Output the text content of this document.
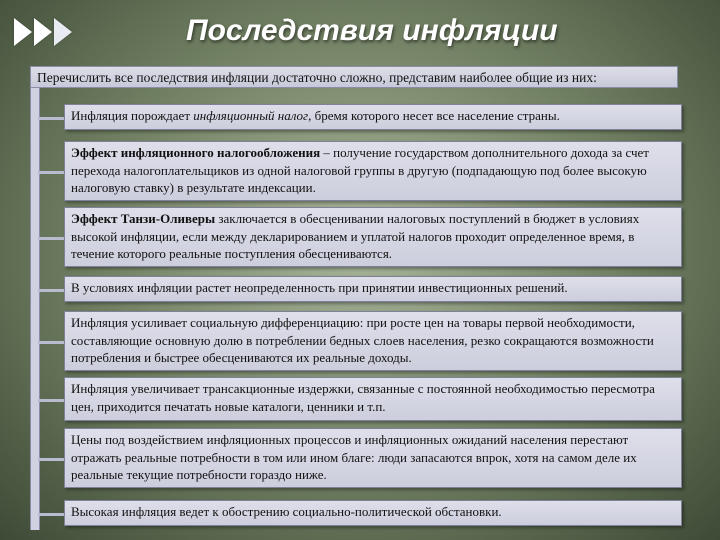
Последствия инфляции
Перечислить все последствия инфляции достаточно сложно, представим наиболее общие из них:
Инфляция порождает инфляционный налог, бремя которого несет все население страны.
Эффект инфляционного налогообложения – получение государством дополнительного дохода за счет перехода налогоплательщиков из одной налоговой группы в другую (подпадающую под более высокую налоговую ставку) в результате индексации.
Эффект Танзи-Оливеры заключается в обесценивании налоговых поступлений в бюджет в условиях высокой инфляции, если между декларированием и уплатой налогов проходит определенное время, в течение которого реальные поступления обесцениваются.
В условиях инфляции растет неопределенность при принятии инвестиционных решений.
Инфляция усиливает социальную дифференциацию: при росте цен на товары первой необходимости, составляющие основную долю в потреблении бедных слоев населения, резко сокращаются возможности потребления и быстрее обесцениваются их реальные доходы.
Инфляция увеличивает трансакционные издержки, связанные с постоянной необходимостью пересмотра цен, приходится печатать новые каталоги, ценники и т.п.
Цены под воздействием инфляционных процессов и инфляционных ожиданий населения перестают отражать реальные потребности в том или ином благе: люди запасаются впрок, хотя на самом деле их реальные текущие потребности гораздо ниже.
Высокая инфляция ведет к обострению социально-политической обстановки.
